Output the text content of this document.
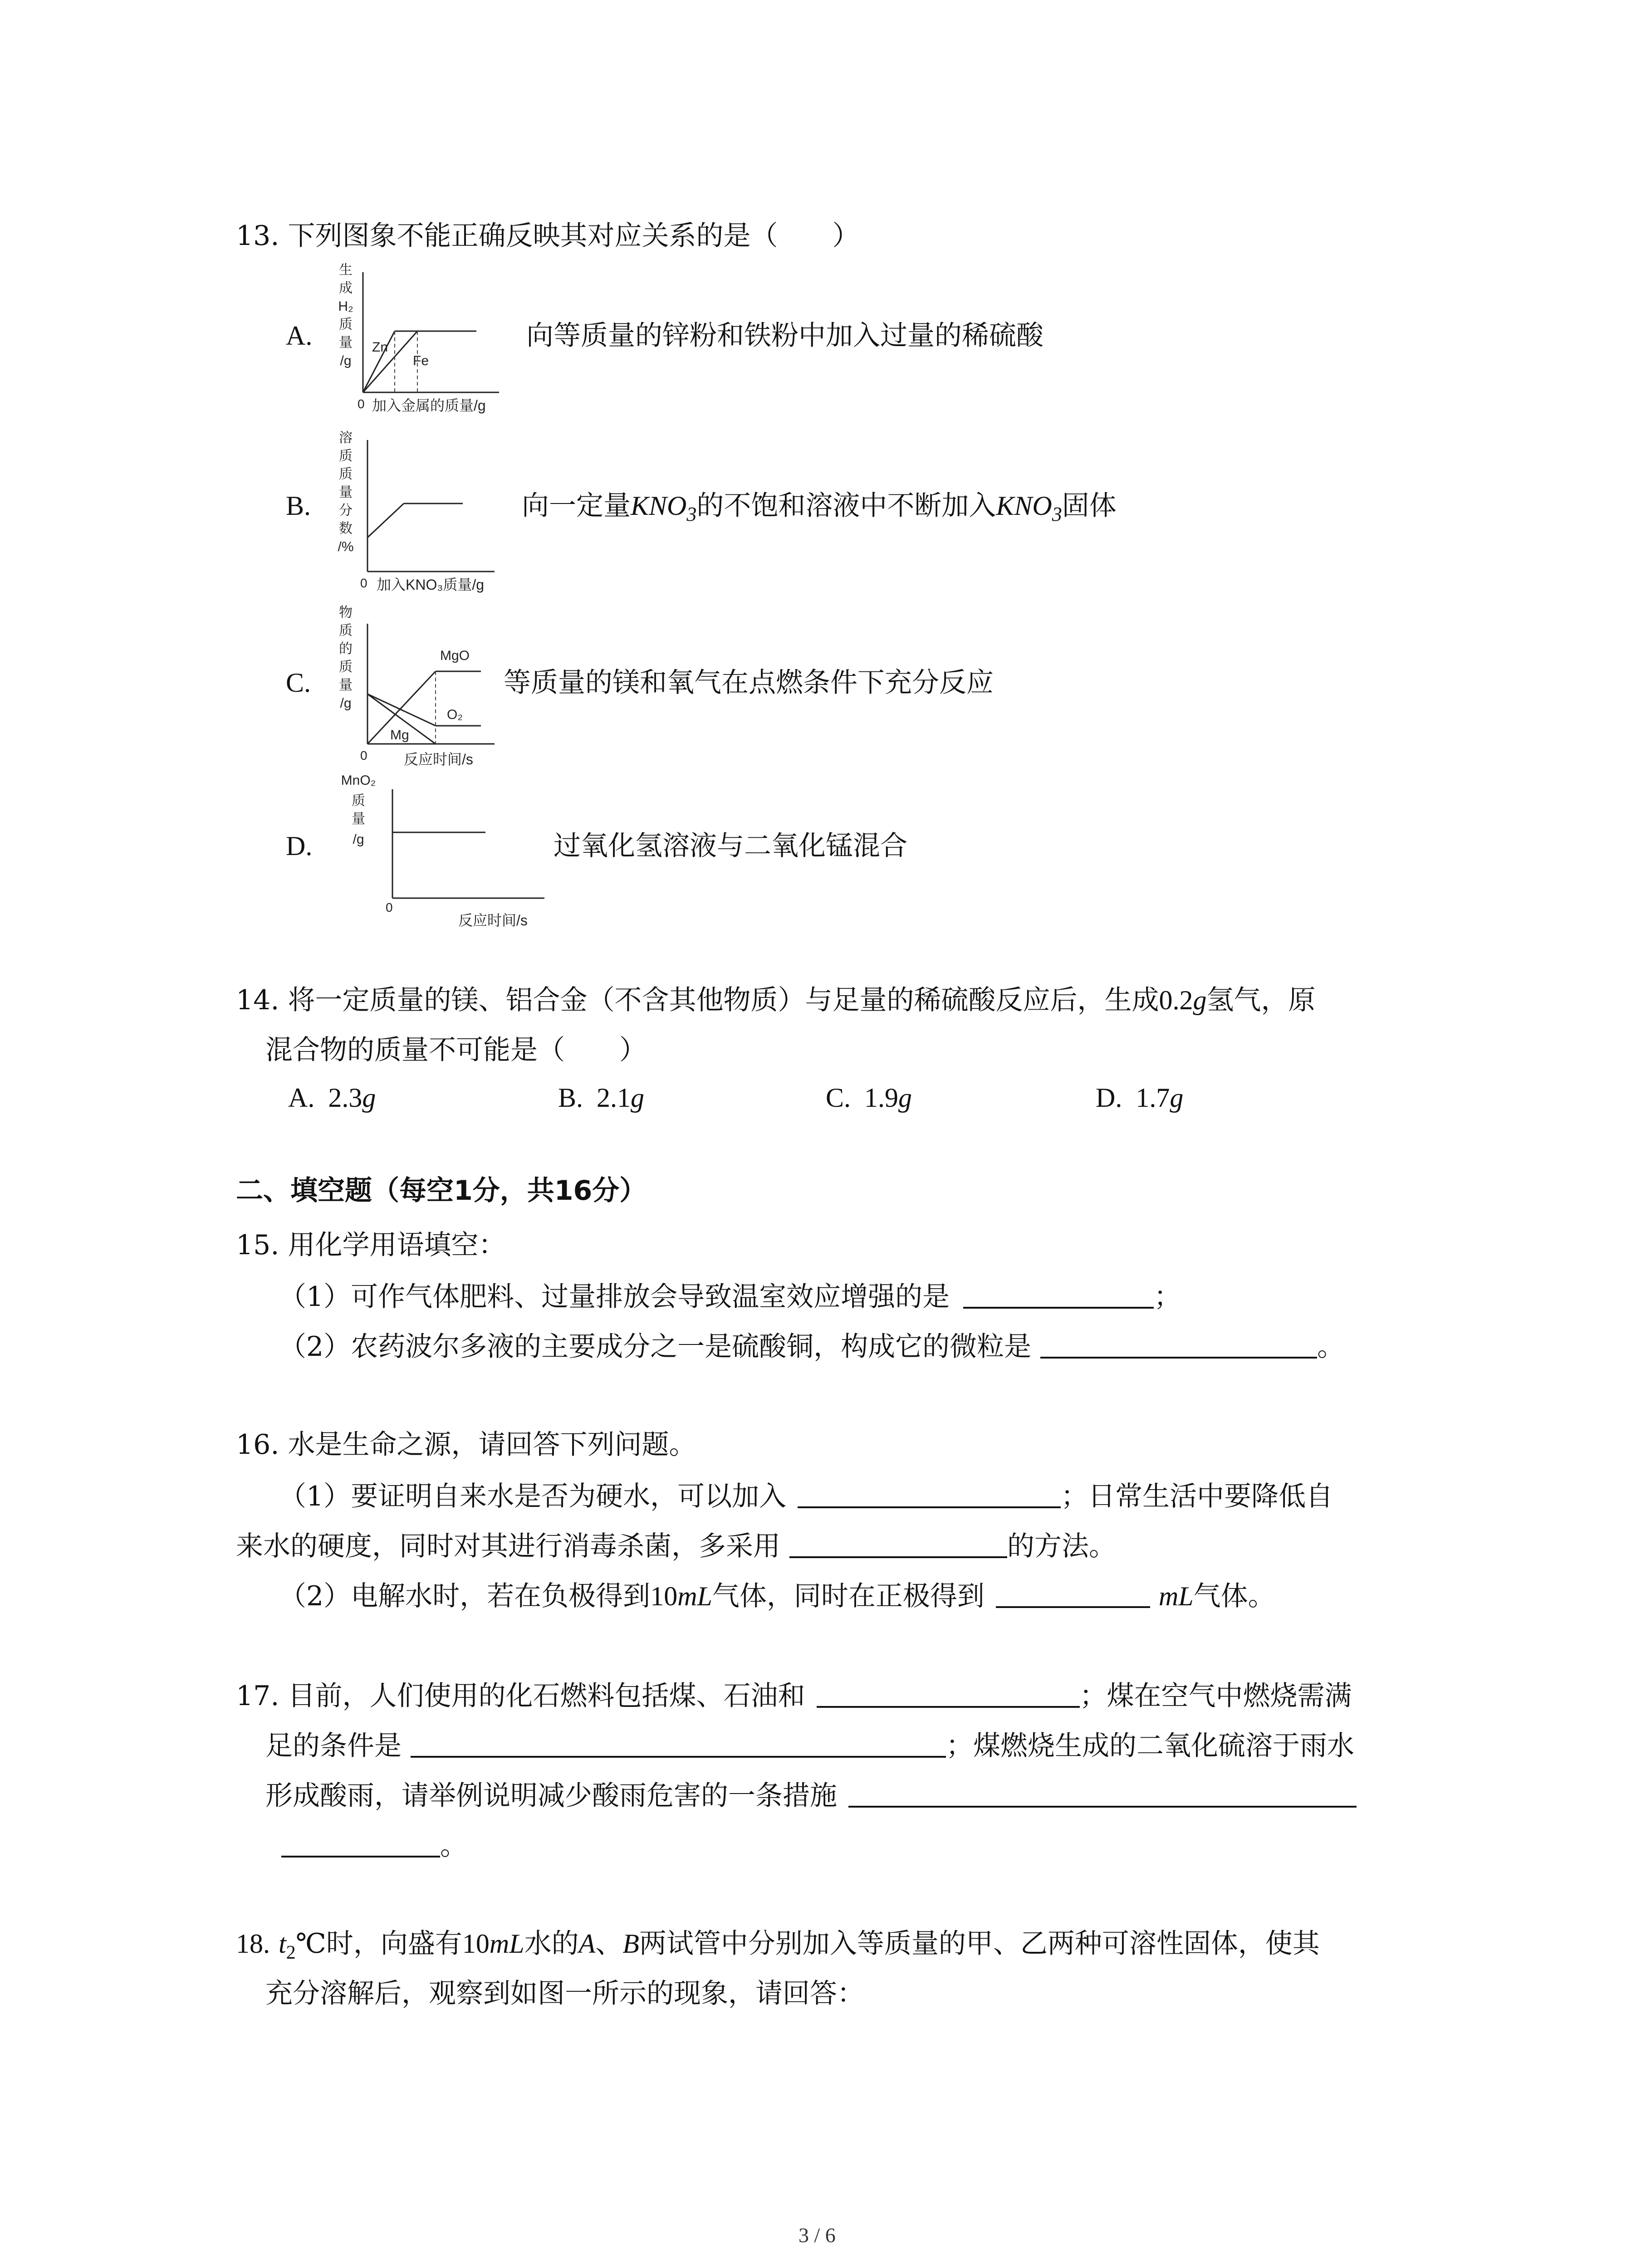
13. 下列图象不能正确反映其对应关系的是（　　）
A.
生
成
H₂
质
量
/g
Zn
Fe
0 加入金属的质量/g
向等质量的锌粉和铁粉中加入过量的稀硫酸
B.
溶
质
质
量
分
数
/%
0 加入KNO₃质量/g
向一定量$KNO_3$的不饱和溶液中不断加入$KNO_3$固体
C.
物
质
的
质
量
/g
MgO
O₂
Mg
0	反应时间/s
等质量的镁和氧气在点燃条件下充分反应
D.
MnO₂
质
量
/g
0
反应时间/s
过氧化氢溶液与二氧化锰混合
14. 将一定质量的镁、铝合金（不含其他物质）与足量的稀硫酸反应后，生成0.2g氢气，原
混合物的质量不可能是（　　）
A. 2.3g	B. 2.1g	C. 1.9g	D. 1.7g
二、填空题（每空1分，共16分）
15. 用化学用语填空：
（1）可作气体肥料、过量排放会导致温室效应增强的是	；
（2）农药波尔多液的主要成分之一是硫酸铜，构成它的微粒是	。
16. 水是生命之源，请回答下列问题。
（1）要证明自来水是否为硬水，可以加入	；日常生活中要降低自
来水的硬度，同时对其进行消毒杀菌，多采用	的方法。
（2）电解水时，若在负极得到10mL气体，同时在正极得到	mL气体。
17. 目前，人们使用的化石燃料包括煤、石油和	；煤在空气中燃烧需满
足的条件是	；煤燃烧生成的二氧化硫溶于雨水
形成酸雨，请举例说明减少酸雨危害的一条措施
。
18. $t_2℃$时，向盛有10mL水的A、B两试管中分别加入等质量的甲、乙两种可溶性固体，使其
充分溶解后，观察到如图一所示的现象，请回答：
3 / 6
